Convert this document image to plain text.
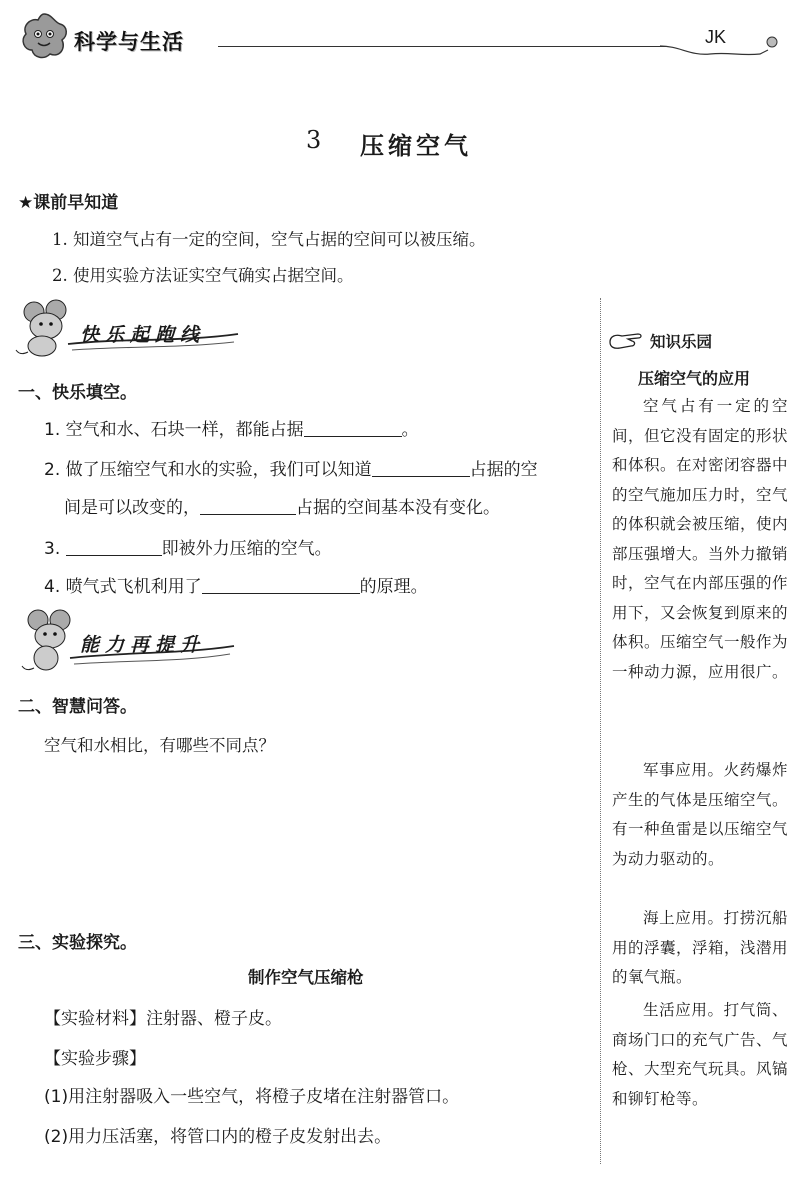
科学与生活	JK
3 压缩空气
★课前早知道
1. 知道空气占有一定的空间，空气占据的空间可以被压缩。
2. 使用实验方法证实空气确实占据空间。
快乐起跑线
一、快乐填空。
1. 空气和水、石块一样，都能占据	。
2. 做了压缩空气和水的实验，我们可以知道	占据的空
间是可以改变的，	占据的空间基本没有变化。
3.	即被外力压缩的空气。
4. 喷气式飞机利用了	的原理。
能力再提升
二、智慧问答。
空气和水相比，有哪些不同点？
三、实验探究。
制作空气压缩枪
【实验材料】注射器、橙子皮。
【实验步骤】
(1)用注射器吸入一些空气，将橙子皮堵在注射器管口。
(2)用力压活塞，将管口内的橙子皮发射出去。
知识乐园
压缩空气的应用
空气占有一定的空间，但它没有固定的形状和体积。在对密闭容器中的空气施加压力时，空气的体积就会被压缩，使内部压强增大。当外力撤销时，空气在内部压强的作用下，又会恢复到原来的体积。压缩空气一般作为一种动力源，应用很广。
军事应用。火药爆炸产生的气体是压缩空气。有一种鱼雷是以压缩空气为动力驱动的。
海上应用。打捞沉船用的浮囊，浮箱，浅潜用的氧气瓶。
生活应用。打气筒、商场门口的充气广告、气枪、大型充气玩具。风镐和铆钉枪等。
